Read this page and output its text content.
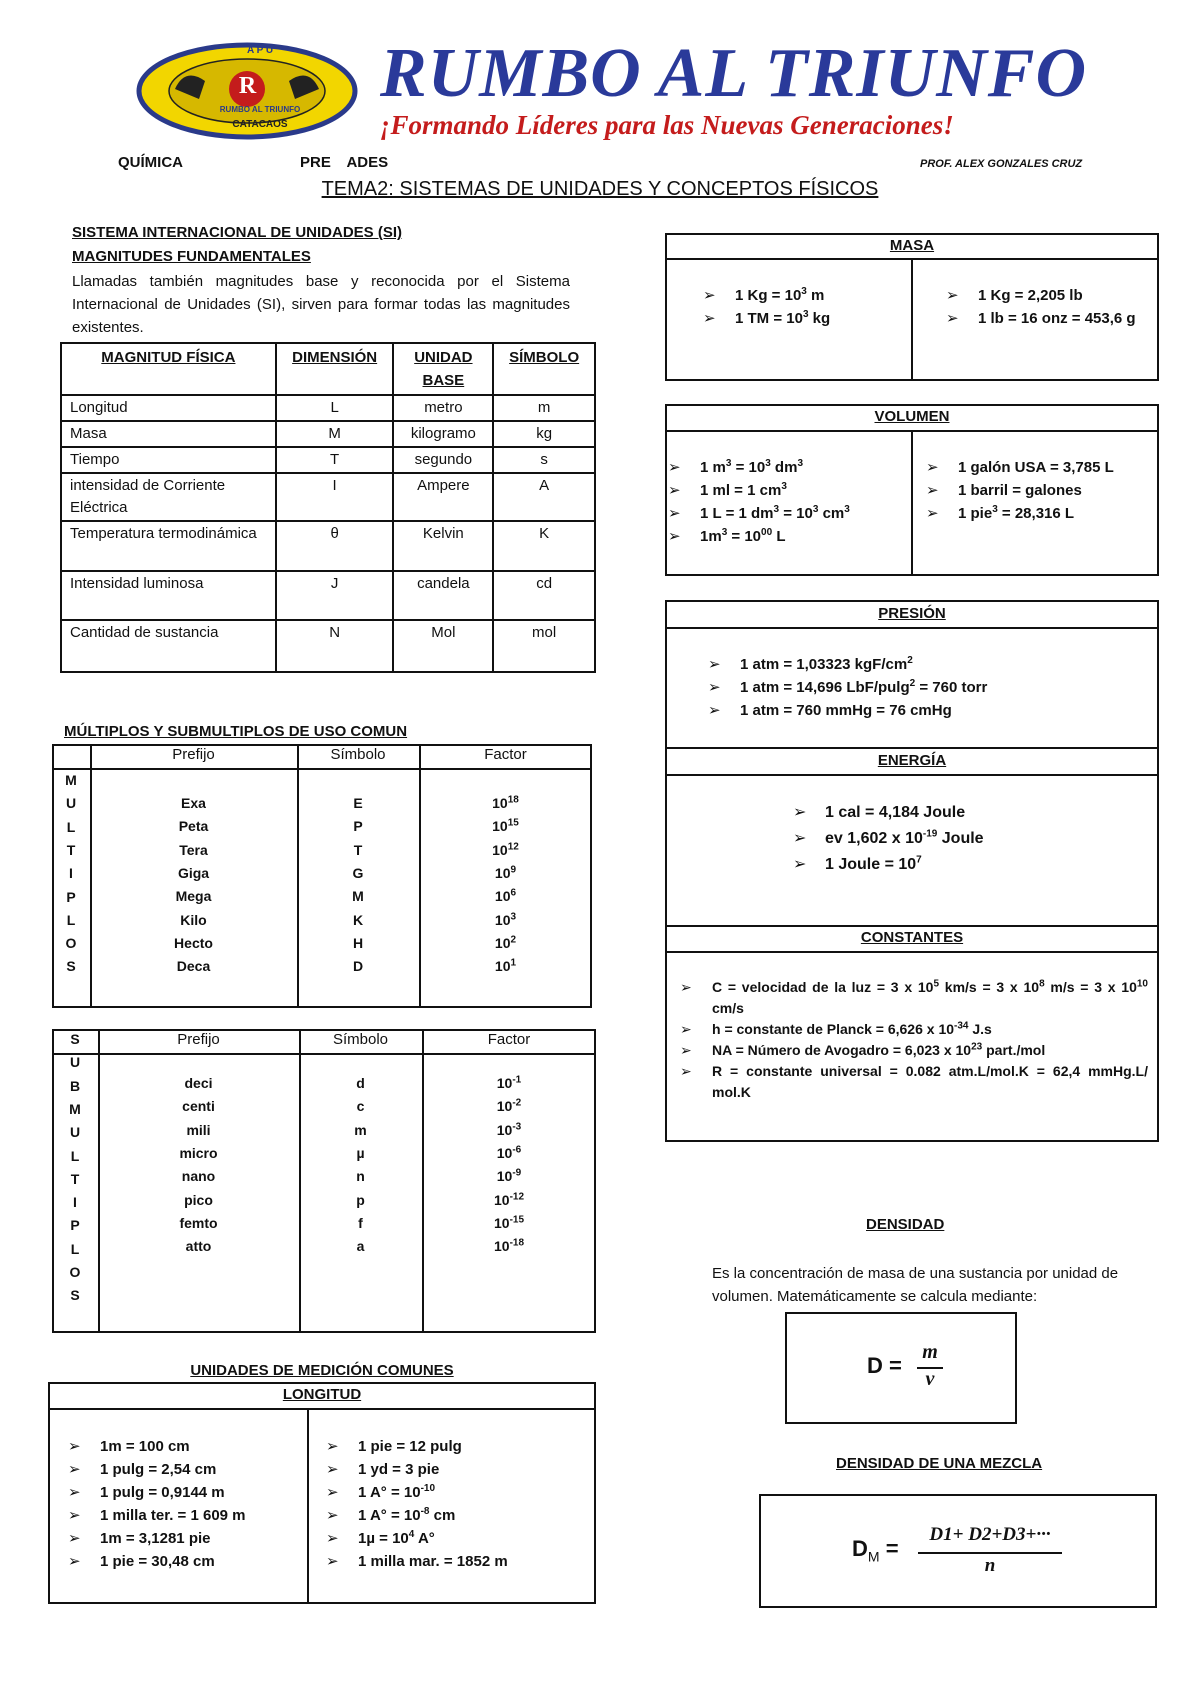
A P U
R
RUMBO AL TRIUNFO
CATACAOS
RUMBO AL TRIUNFO
¡Formando Líderes para las Nuevas Generaciones!
QUÍMICA	PRE ADES	PROF. ALEX GONZALES CRUZ
TEMA2: SISTEMAS DE UNIDADES Y CONCEPTOS FÍSICOS
SISTEMA INTERNACIONAL DE UNIDADES (SI)
MAGNITUDES FUNDAMENTALES
Llamadas también magnitudes base y reconocida por el Sistema Internacional de Unidades (SI), sirven para formar todas las magnitudes existentes.
MAGNITUD FÍSICA	DIMENSIÓN	UNIDAD BASE	SÍMBOLO
Longitud	L	metro	m
Masa	M	kilogramo	kg
Tiempo	T	segundo	s
intensidad de Corriente Eléctrica	I	Ampere	A
Temperatura termodinámica	θ	Kelvin	K
Intensidad luminosa	J	candela	cd
Cantidad de sustancia	N	Mol	mol
MÚLTIPLOS Y SUBMULTIPLOS DE USO COMUN
Prefijo	Símbolo	Factor
M
U
L
T
I
P
L
O
S
Exa	E	$10^{18}$
Peta	P	$10^{15}$
Tera	T	$10^{12}$
Giga	G	$10^9$
Mega	M	$10^6$
Kilo	K	$10^3$
Hecto	H	$10^2$
Deca	D	$10^1$
Prefijo	Símbolo	Factor
S
U
B
M
U
L
T
I
P
L
O
S
deci	d	$10^{-1}$
centi	c	$10^{-2}$
mili	m	$10^{-3}$
micro	µ	$10^{-6}$
nano	n	$10^{-9}$
pico	p	$10^{-12}$
femto	f	$10^{-15}$
atto	a	$10^{-18}$
UNIDADES DE MEDICIÓN COMUNES
LONGITUD
➢ 1m = 100 cm
➢ 1 pulg = 2,54 cm
➢ 1 pulg = 0,9144 m
➢ 1 milla ter. = 1 609 m
➢ 1m = 3,1281 pie
➢ 1 pie = 30,48 cm
➢ 1 pie = 12 pulg
➢ 1 yd = 3 pie
➢ 1 $A^\circ = 10^{-10}$
➢ 1 $A^\circ = 10^{-8}$ cm
➢ $1\mu = 10^4$ A°
➢ 1 milla mar. = 1852 m
MASA
➢ 1 $Kg = 10^3$ m
➢ 1 TM = $10^3$ kg
➢ 1 Kg = 2,205 lb
➢ 1 lb = 16 onz = 453,6 g
VOLUMEN
➢ 1 $m^3 = 10^3$ $dm^3$
➢ 1 ml = 1 $cm^3$
➢ 1 L = 1 $dm^3 = 10^3$ $cm^3$
➢ $1m^3 = 10^{00}$ L
➢ 1 galón USA = 3,785 L
➢ 1 barril = galones
➢ 1 pie$^3$ = 28,316 L
PRESIÓN
➢ 1 atm = 1,03323 kgF/$cm^2$
➢ 1 atm = 14,696 LbF/pulg$^2$ = 760 torr
➢ 1 atm = 760 mmHg = 76 cmHg
ENERGÍA
➢ 1 cal = 4,184 Joule
➢ ev 1,602 x $10^{-19}$ Joule
➢ 1 Joule = $10^7$
CONSTANTES
➢ C = velocidad de la luz = 3 x $10^5$ km/s = 3 x $10^8$ m/s = 3 x $10^{10}$ cm/s
➢ h = constante de Planck = 6,626 x $10^{-34}$ J.s
➢ NA = Número de Avogadro = 6,023 x $10^{23}$ part./mol
➢ R = constante universal = 0.082 atm.L/mol.K = 62,4 mmHg.L/ mol.K
DENSIDAD
Es la concentración de masa de una sustancia por unidad de volumen. Matemáticamente se calcula mediante:
D =
m
v
DENSIDAD DE UNA MEZCLA
$D_M$ =
D1+ D2+D3+···
n
